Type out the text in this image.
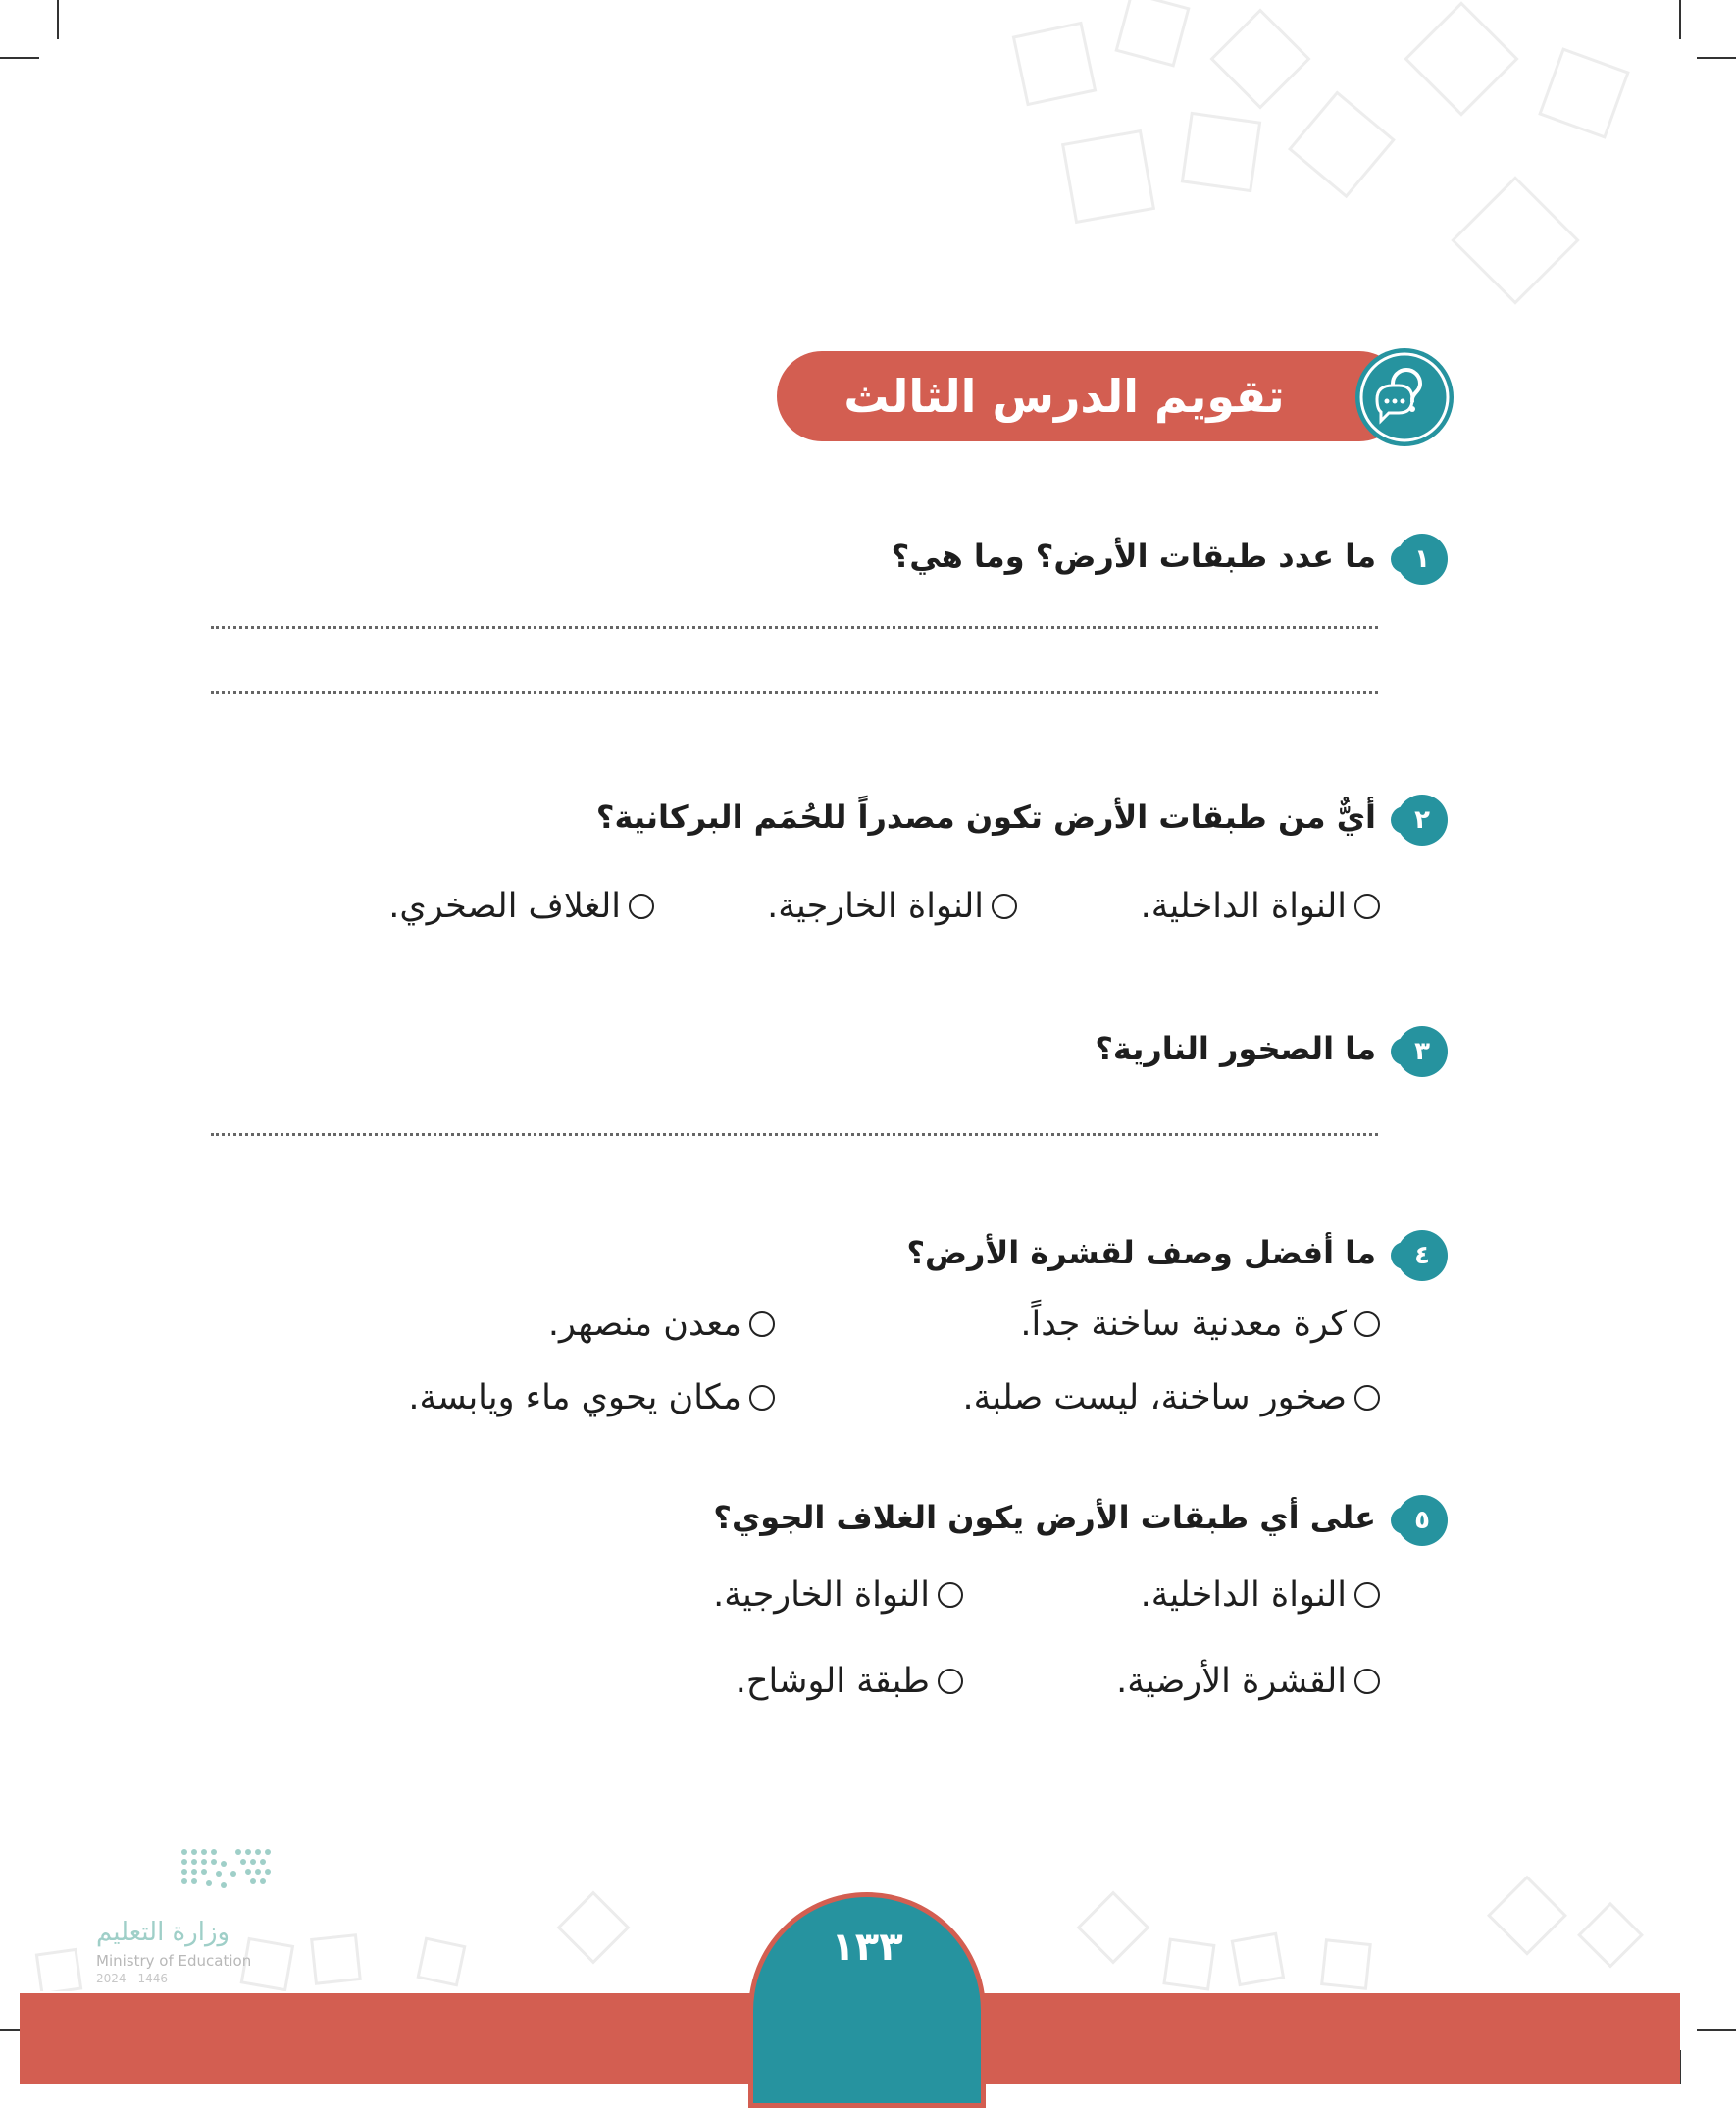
تقويم الدرس الثالث عشر
١
ما عدد طبقات الأرض؟ وما هي؟
٢
أيٌّ من طبقات الأرض تكون مصدراً للحُمَم البركانية؟
النواة الداخلية.
النواة الخارجية.
الغلاف الصخري.
٣
ما الصخور النارية؟
٤
ما أفضل وصف لقشرة الأرض؟
كرة معدنية ساخنة جداً.
معدن منصهر.
صخور ساخنة، ليست صلبة.
مكان يحوي ماء ويابسة.
٥
على أي طبقات الأرض يكون الغلاف الجوي؟
النواة الداخلية.
النواة الخارجية.
القشرة الأرضية.
طبقة الوشاح.
وزارة التعليم
Ministry of Education
2024 - 1446
١٣٣
